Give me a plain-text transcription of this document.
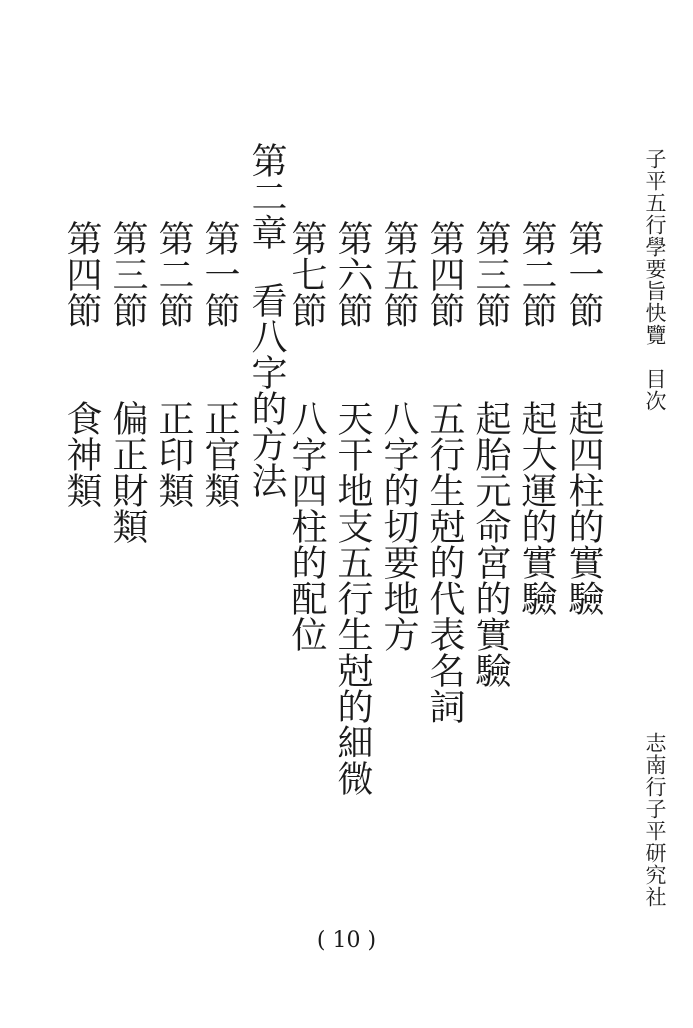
子平五行學要旨快覽　目次
第一節
起四柱的實驗
第二節
起大運的實驗
第三節
起胎元命宮的實驗
第四節
五行生尅的代表名詞
第五節
八字的切要地方
第六節
天干地支五行生尅的細微
第七節
八字四柱的配位
第二章
看八字的方法
第一節
正官類
第二節
正印類
第三節
偏正財類
第四節
食神類
志南行子平研究社
( 10 )
